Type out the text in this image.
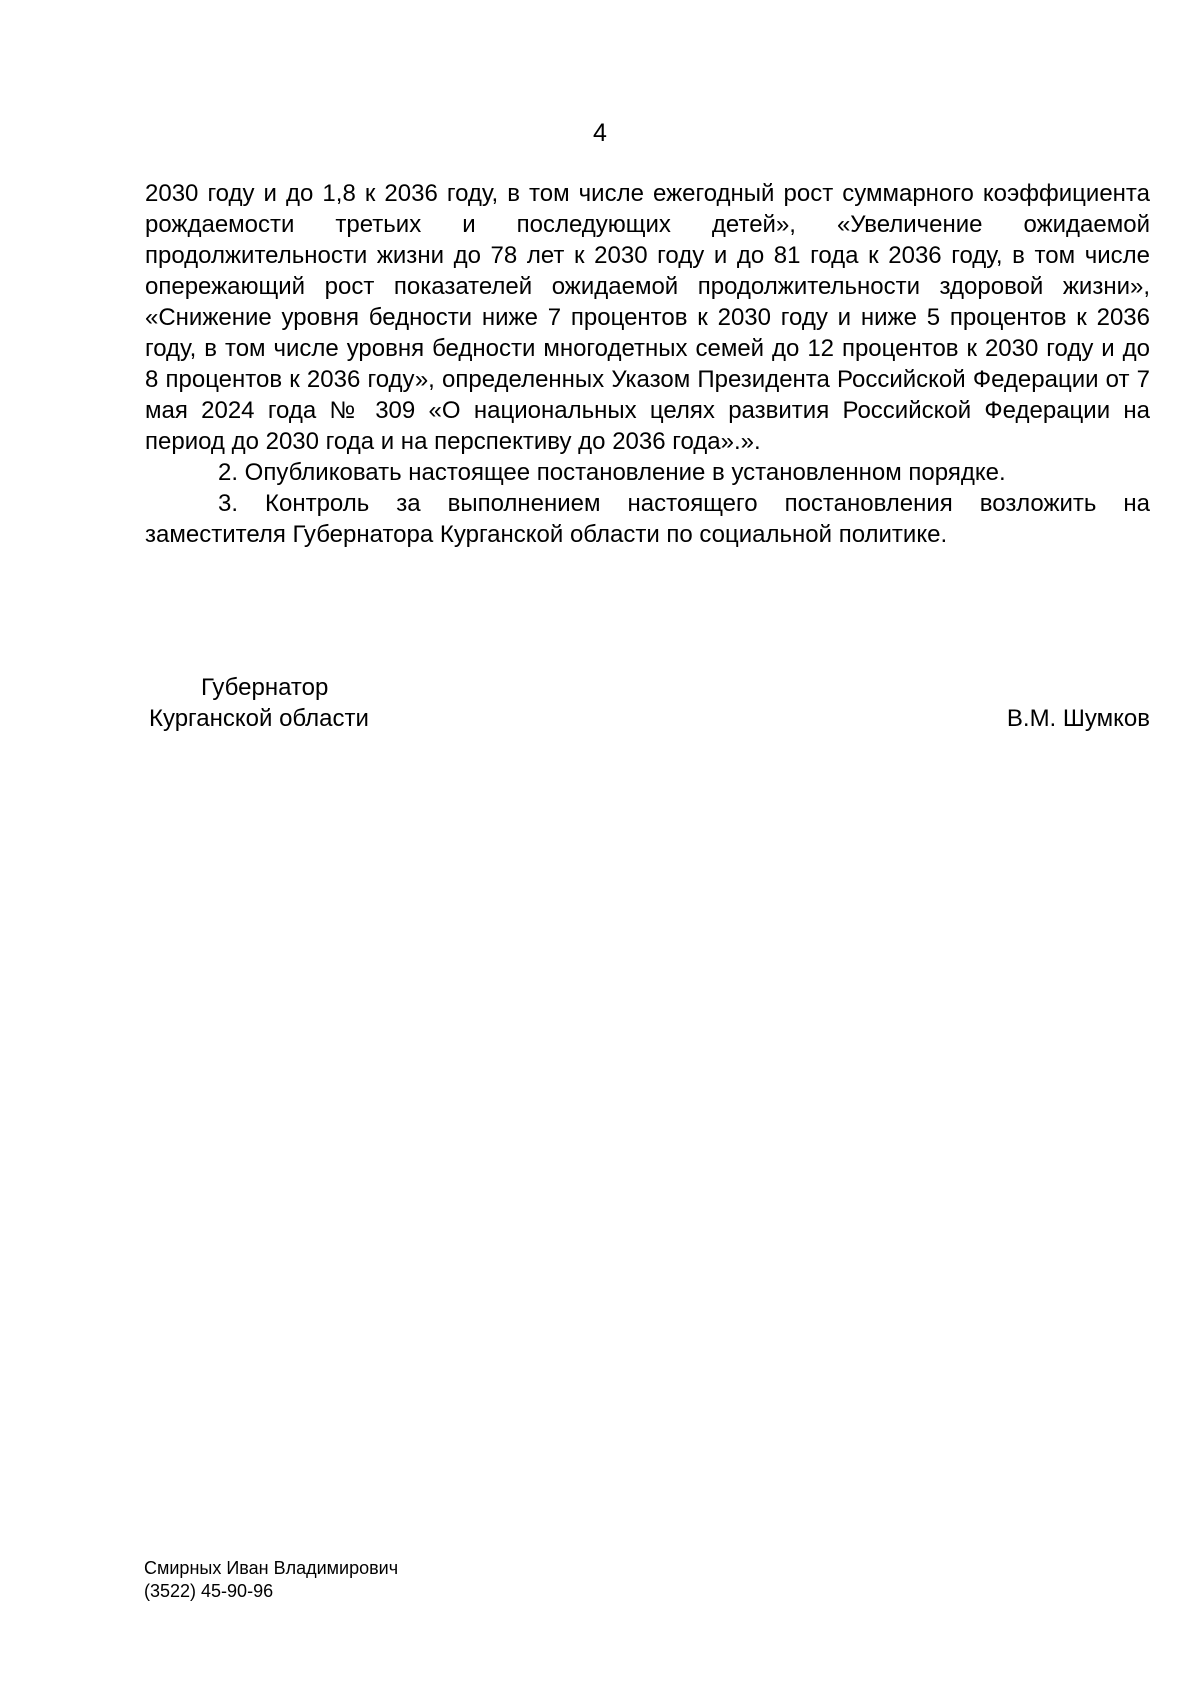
4

2030 году и до 1,8 к 2036 году, в том числе ежегодный рост суммарного коэффициента рождаемости третьих и последующих детей», «Увеличение ожидаемой продолжительности жизни до 78 лет к 2030 году и до 81 года к 2036 году, в том числе опережающий рост показателей ожидаемой продолжительности здоровой жизни», «Снижение уровня бедности ниже 7 процентов к 2030 году и ниже 5 процентов к 2036 году, в том числе уровня бедности многодетных семей до 12 процентов к 2030 году и до 8 процентов к 2036 году», определенных Указом Президента Российской Федерации от 7 мая 2024 года № 309 «О национальных целях развития Российской Федерации на период до 2030 года и на перспективу до 2036 года».».

2. Опубликовать настоящее постановление в установленном порядке.

3. Контроль за выполнением настоящего постановления возложить на заместителя Губернатора Курганской области по социальной политике.

Губернатор
Курганской области	В.М. Шумков
Смирных Иван Владимирович
(3522) 45-90-96
